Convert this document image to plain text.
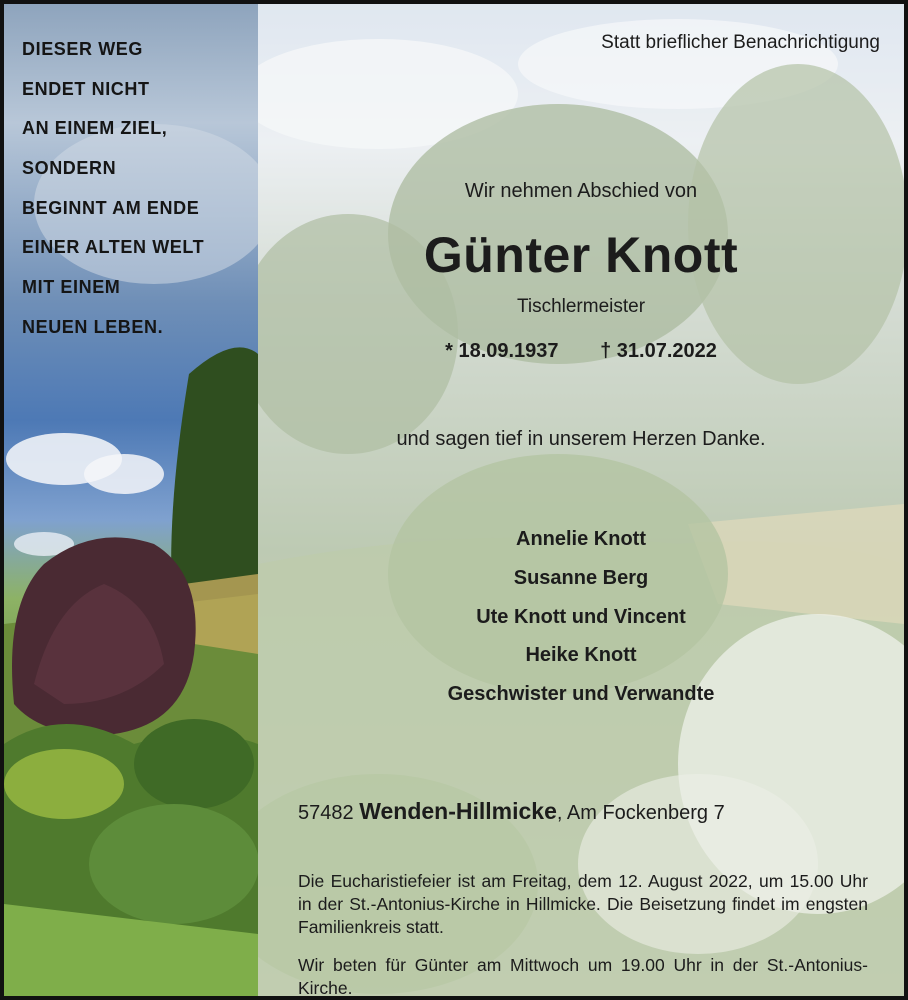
DIESER WEG
ENDET NICHT
AN EINEM ZIEL,
SONDERN
BEGINNT AM ENDE
EINER ALTEN WELT
MIT EINEM
NEUEN LEBEN.
Statt brieflicher Benachrichtigung
Wir nehmen Abschied von
Günter Knott
Tischlermeister
* 18.09.1937 † 31.07.2022
und sagen tief in unserem Herzen Danke.
Annelie Knott
Susanne Berg
Ute Knott und Vincent
Heike Knott
Geschwister und Verwandte
57482 Wenden-Hillmicke, Am Fockenberg 7

Die Eucharistiefeier ist am Freitag, dem 12. August 2022, um 15.00 Uhr in der St.-Antonius-Kirche in Hillmicke. Die Beisetzung findet im engsten Familienkreis statt.

Wir beten für Günter am Mittwoch um 19.00 Uhr in der St.-Antonius-Kirche.
